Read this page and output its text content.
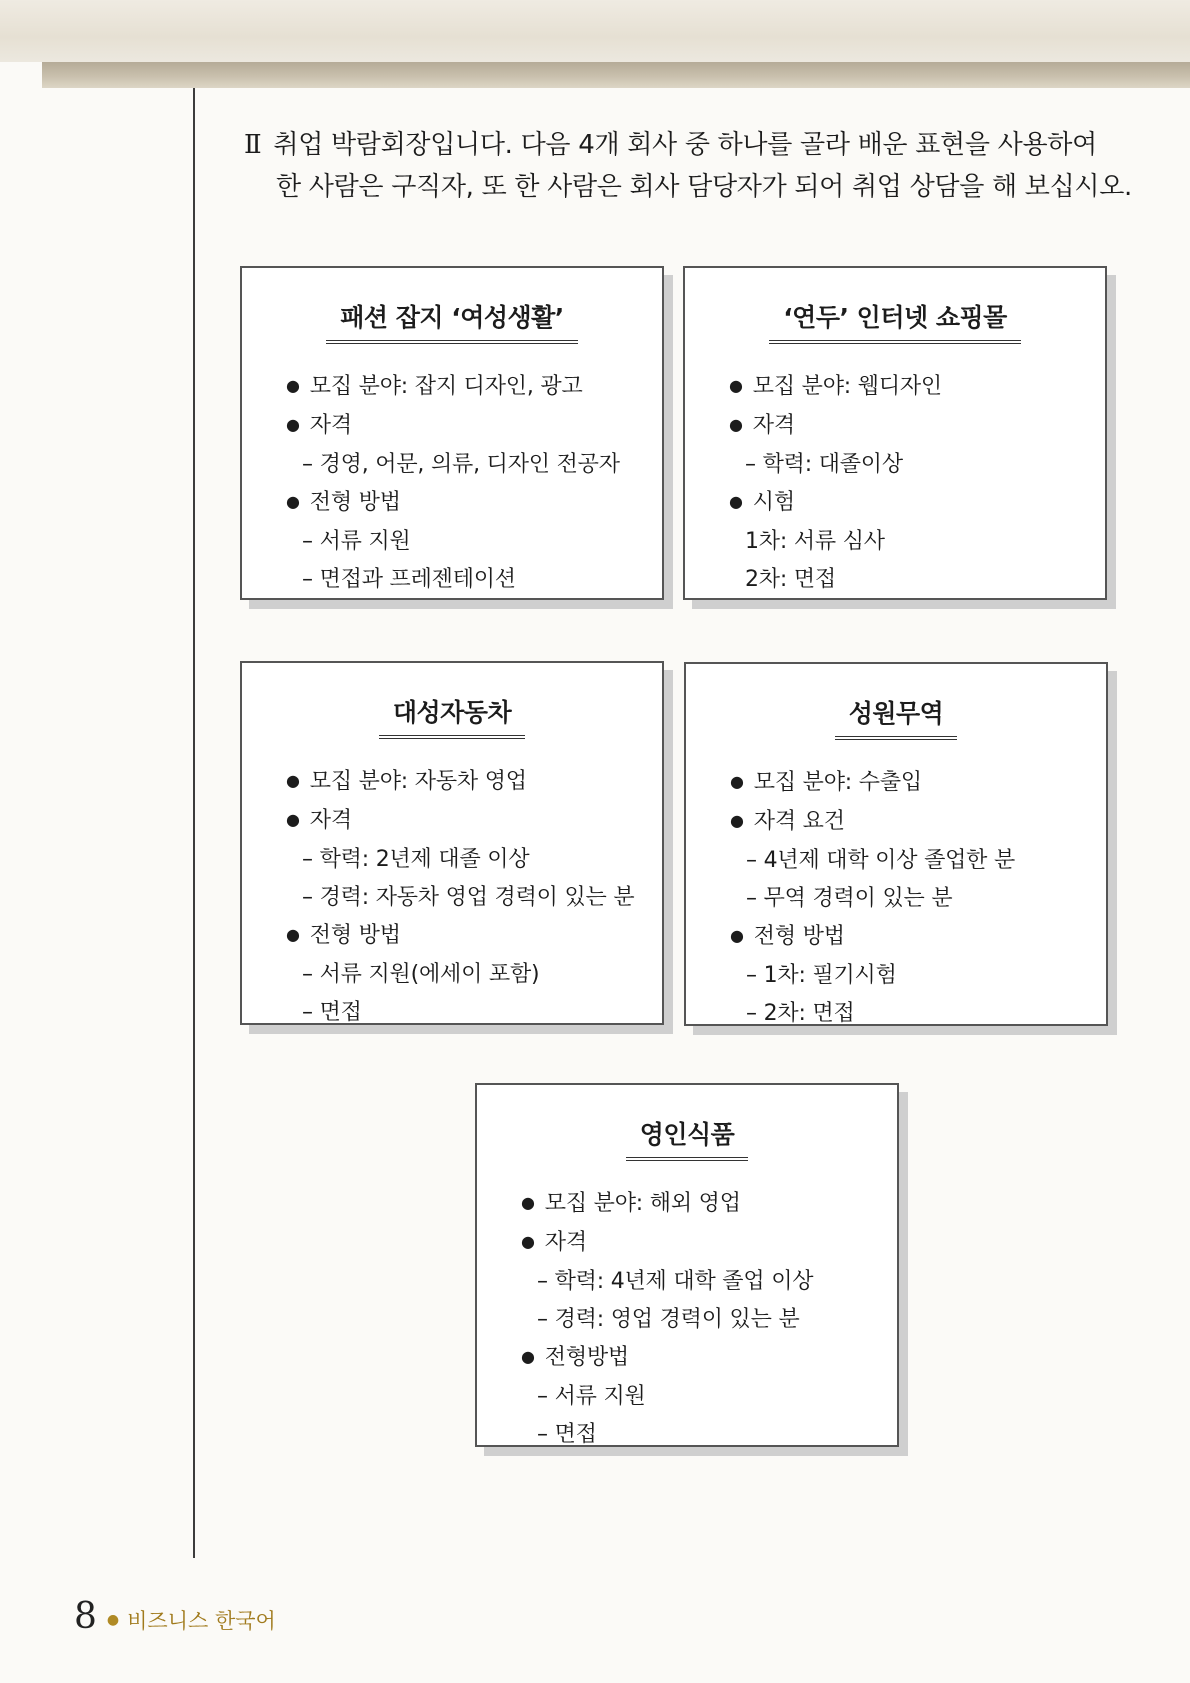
Ⅱ 취업 박람회장입니다. 다음 4개 회사 중 하나를 골라 배운 표현을 사용하여
한 사람은 구직자, 또 한 사람은 회사 담당자가 되어 취업 상담을 해 보십시오.
패션 잡지 ‘여성생활’
● 모집 분야: 잡지 디자인, 광고
● 자격
– 경영, 어문, 의류, 디자인 전공자
● 전형 방법
– 서류 지원
– 면접과 프레젠테이션
‘연두’ 인터넷 쇼핑몰
● 모집 분야: 웹디자인
● 자격
– 학력: 대졸이상
● 시험
1차: 서류 심사
2차: 면접
대성자동차
● 모집 분야: 자동차 영업
● 자격
– 학력: 2년제 대졸 이상
– 경력: 자동차 영업 경력이 있는 분
● 전형 방법
– 서류 지원(에세이 포함)
– 면접
성원무역
● 모집 분야: 수출입
● 자격 요건
– 4년제 대학 이상 졸업한 분
– 무역 경력이 있는 분
● 전형 방법
– 1차: 필기시험
– 2차: 면접
영인식품
● 모집 분야: 해외 영업
● 자격
– 학력: 4년제 대학 졸업 이상
– 경력: 영업 경력이 있는 분
● 전형방법
– 서류 지원
– 면접
8 ● 비즈니스 한국어
